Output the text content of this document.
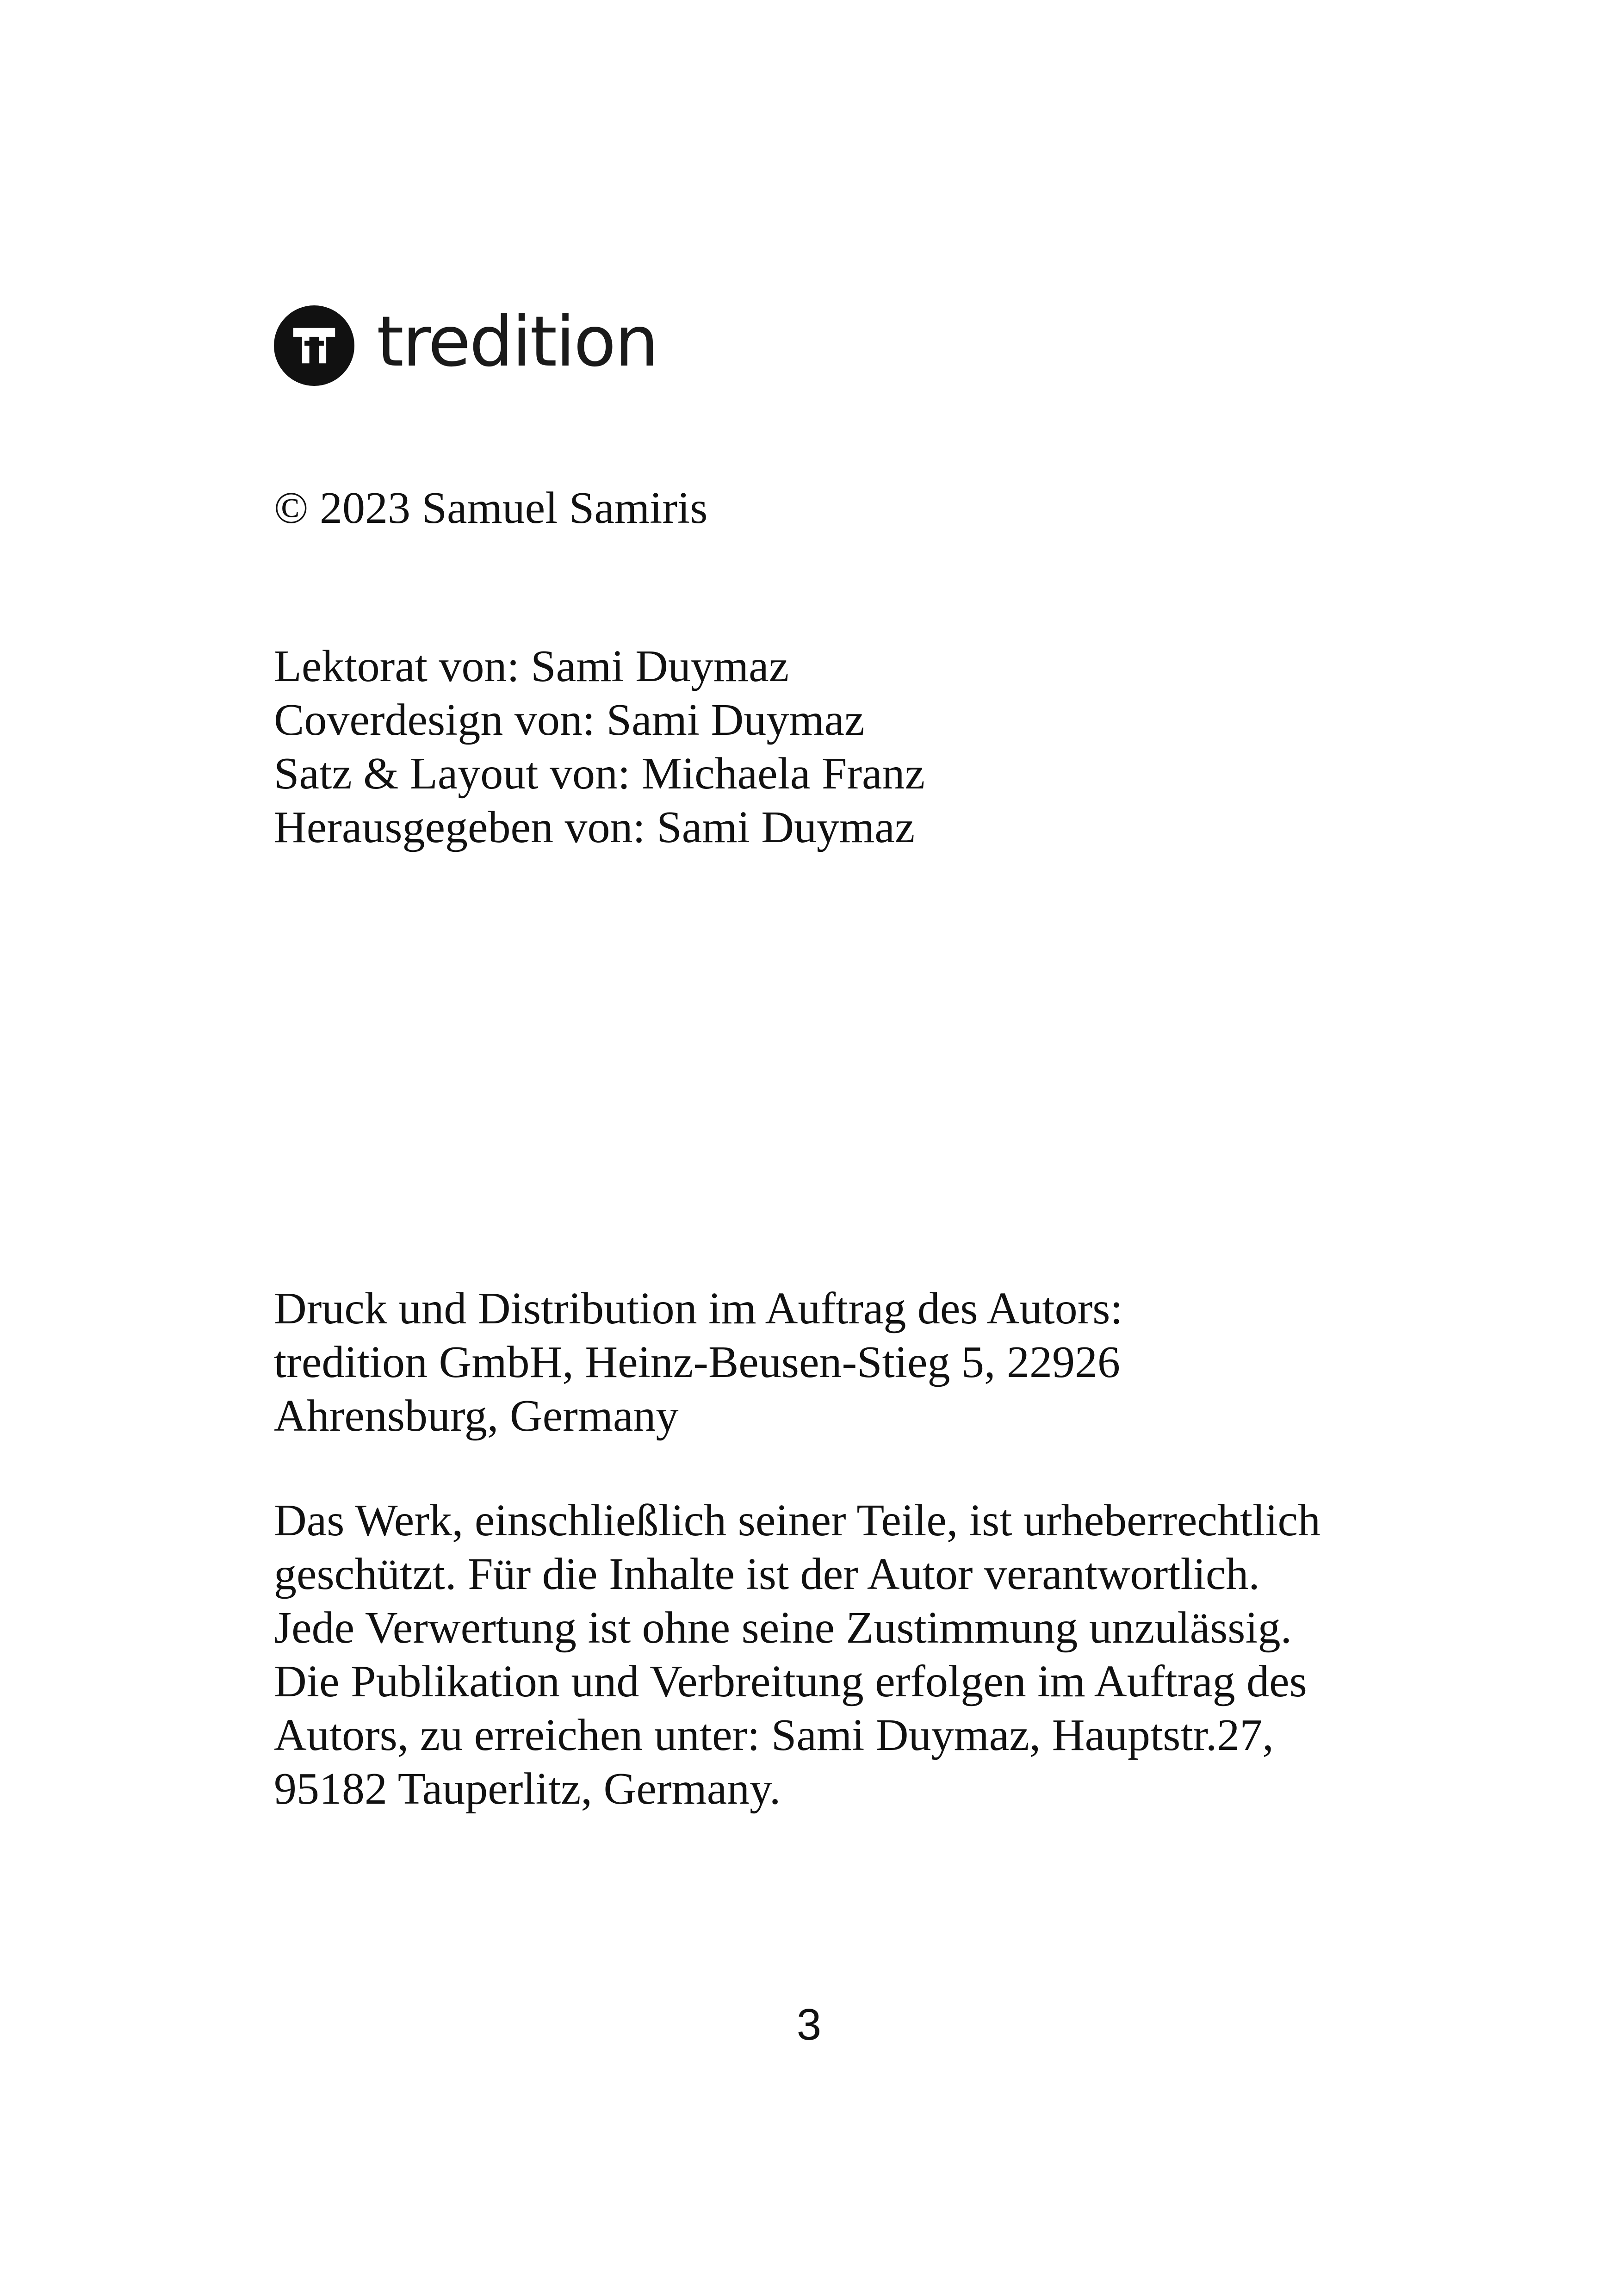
tredition
© 2023 Samuel Samiris
Lektorat von: Sami Duymaz
Coverdesign von: Sami Duymaz
Satz & Layout von: Michaela Franz
Herausgegeben von: Sami Duymaz
Druck und Distribution im Auftrag des Autors:
tredition GmbH, Heinz-Beusen-Stieg 5, 22926
Ahrensburg, Germany
Das Werk, einschließlich seiner Teile, ist urheberrechtlich
geschützt. Für die Inhalte ist der Autor verantwortlich.
Jede Verwertung ist ohne seine Zustimmung unzulässig.
Die Publikation und Verbreitung erfolgen im Auftrag des
Autors, zu erreichen unter: Sami Duymaz, Hauptstr.27,
95182 Tauperlitz, Germany.
3
